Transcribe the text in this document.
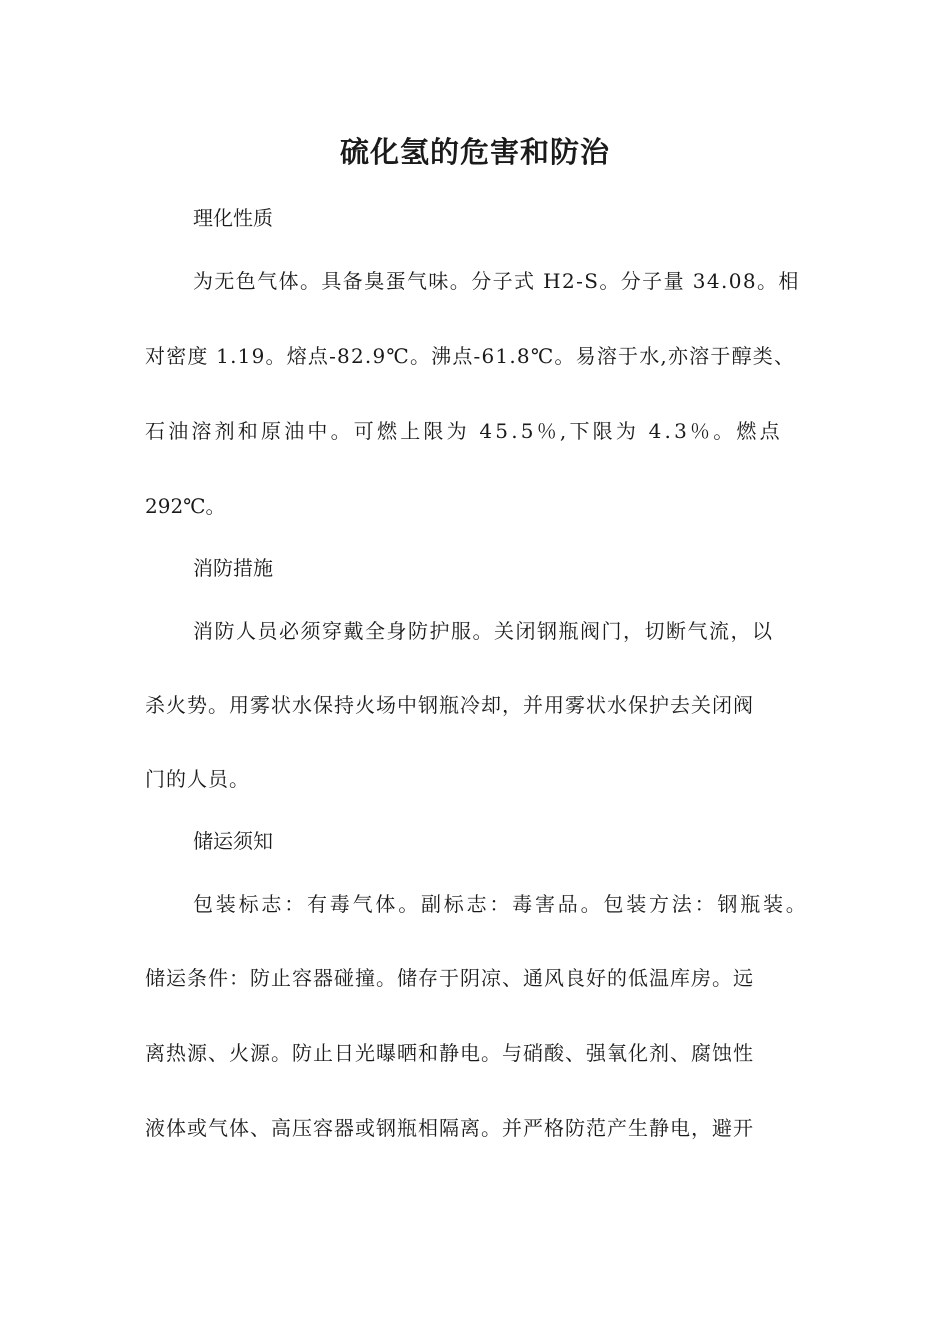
硫化氢的危害和防治
理化性质
为无色气体。具备臭蛋气味。分子式 H2-S。分子量 34.08。相
对密度 1.19。熔点-82.9℃。沸点-61.8℃。易溶于水,亦溶于醇类、
石油溶剂和原油中。可燃上限为 45.5％,下限为 4.3％。燃点
292℃。
消防措施
消防人员必须穿戴全身防护服。关闭钢瓶阀门，切断气流，以
杀火势。用雾状水保持火场中钢瓶冷却，并用雾状水保护去关闭阀
门的人员。
储运须知
包装标志：有毒气体。副标志：毒害品。包装方法：钢瓶装。
储运条件：防止容器碰撞。储存于阴凉、通风良好的低温库房。远
离热源、火源。防止日光曝晒和静电。与硝酸、强氧化剂、腐蚀性
液体或气体、高压容器或钢瓶相隔离。并严格防范产生静电，避开
